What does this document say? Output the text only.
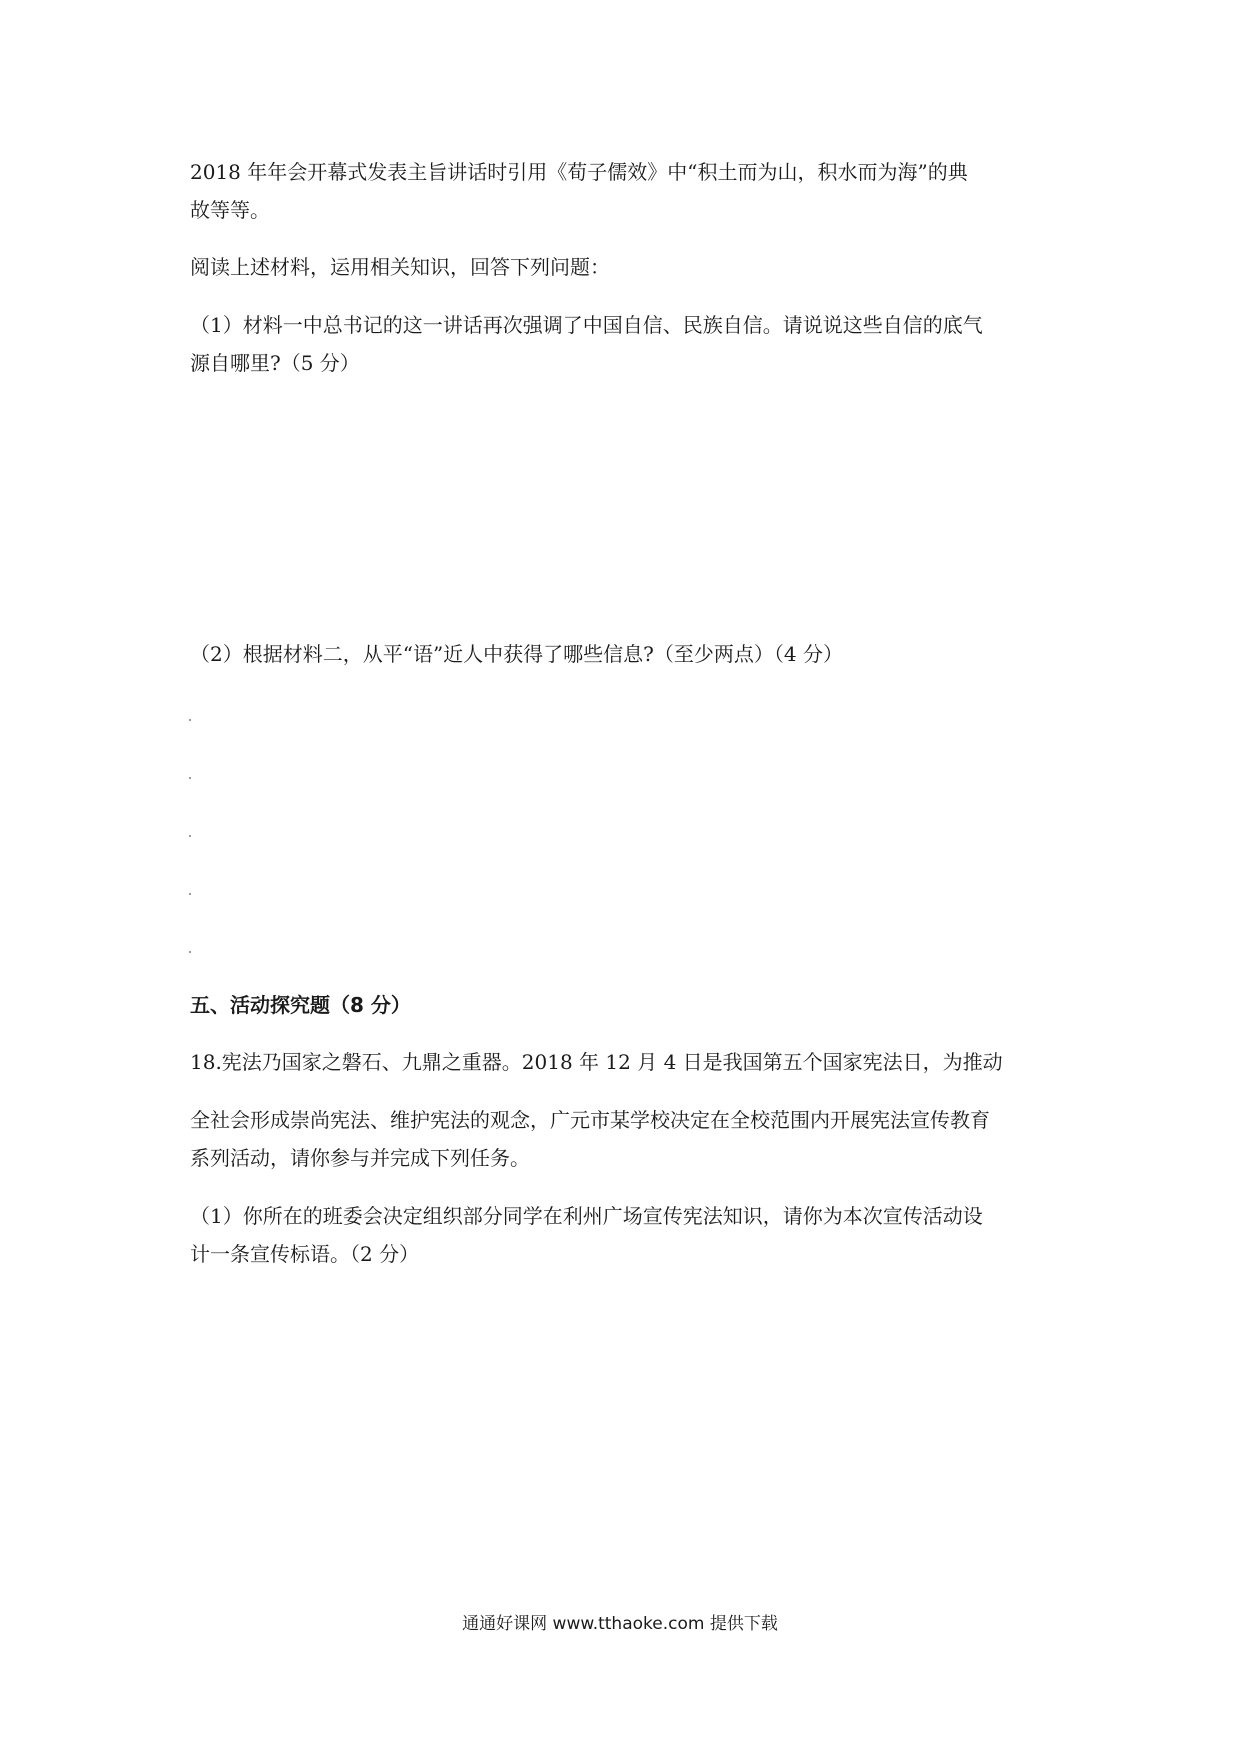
2018 年年会开幕式发表主旨讲话时引用《荀子儒效》中“积土而为山，积水而为海”的典
故等等。
阅读上述材料，运用相关知识，回答下列问题：
（1）材料一中总书记的这一讲话再次强调了中国自信、民族自信。请说说这些自信的底气
源自哪里?（5 分）
（2）根据材料二，从平“语”近人中获得了哪些信息?（至少两点）（4 分）
五、活动探究题（8 分）
18.宪法乃国家之磐石、九鼎之重器。2018 年 12 月 4 日是我国第五个国家宪法日，为推动
全社会形成崇尚宪法、维护宪法的观念，广元市某学校决定在全校范围内开展宪法宣传教育
系列活动，请你参与并完成下列任务。
（1）你所在的班委会决定组织部分同学在利州广场宣传宪法知识，请你为本次宣传活动设
计一条宣传标语。（2 分）
通通好课网 www.tthaoke.com 提供下载
